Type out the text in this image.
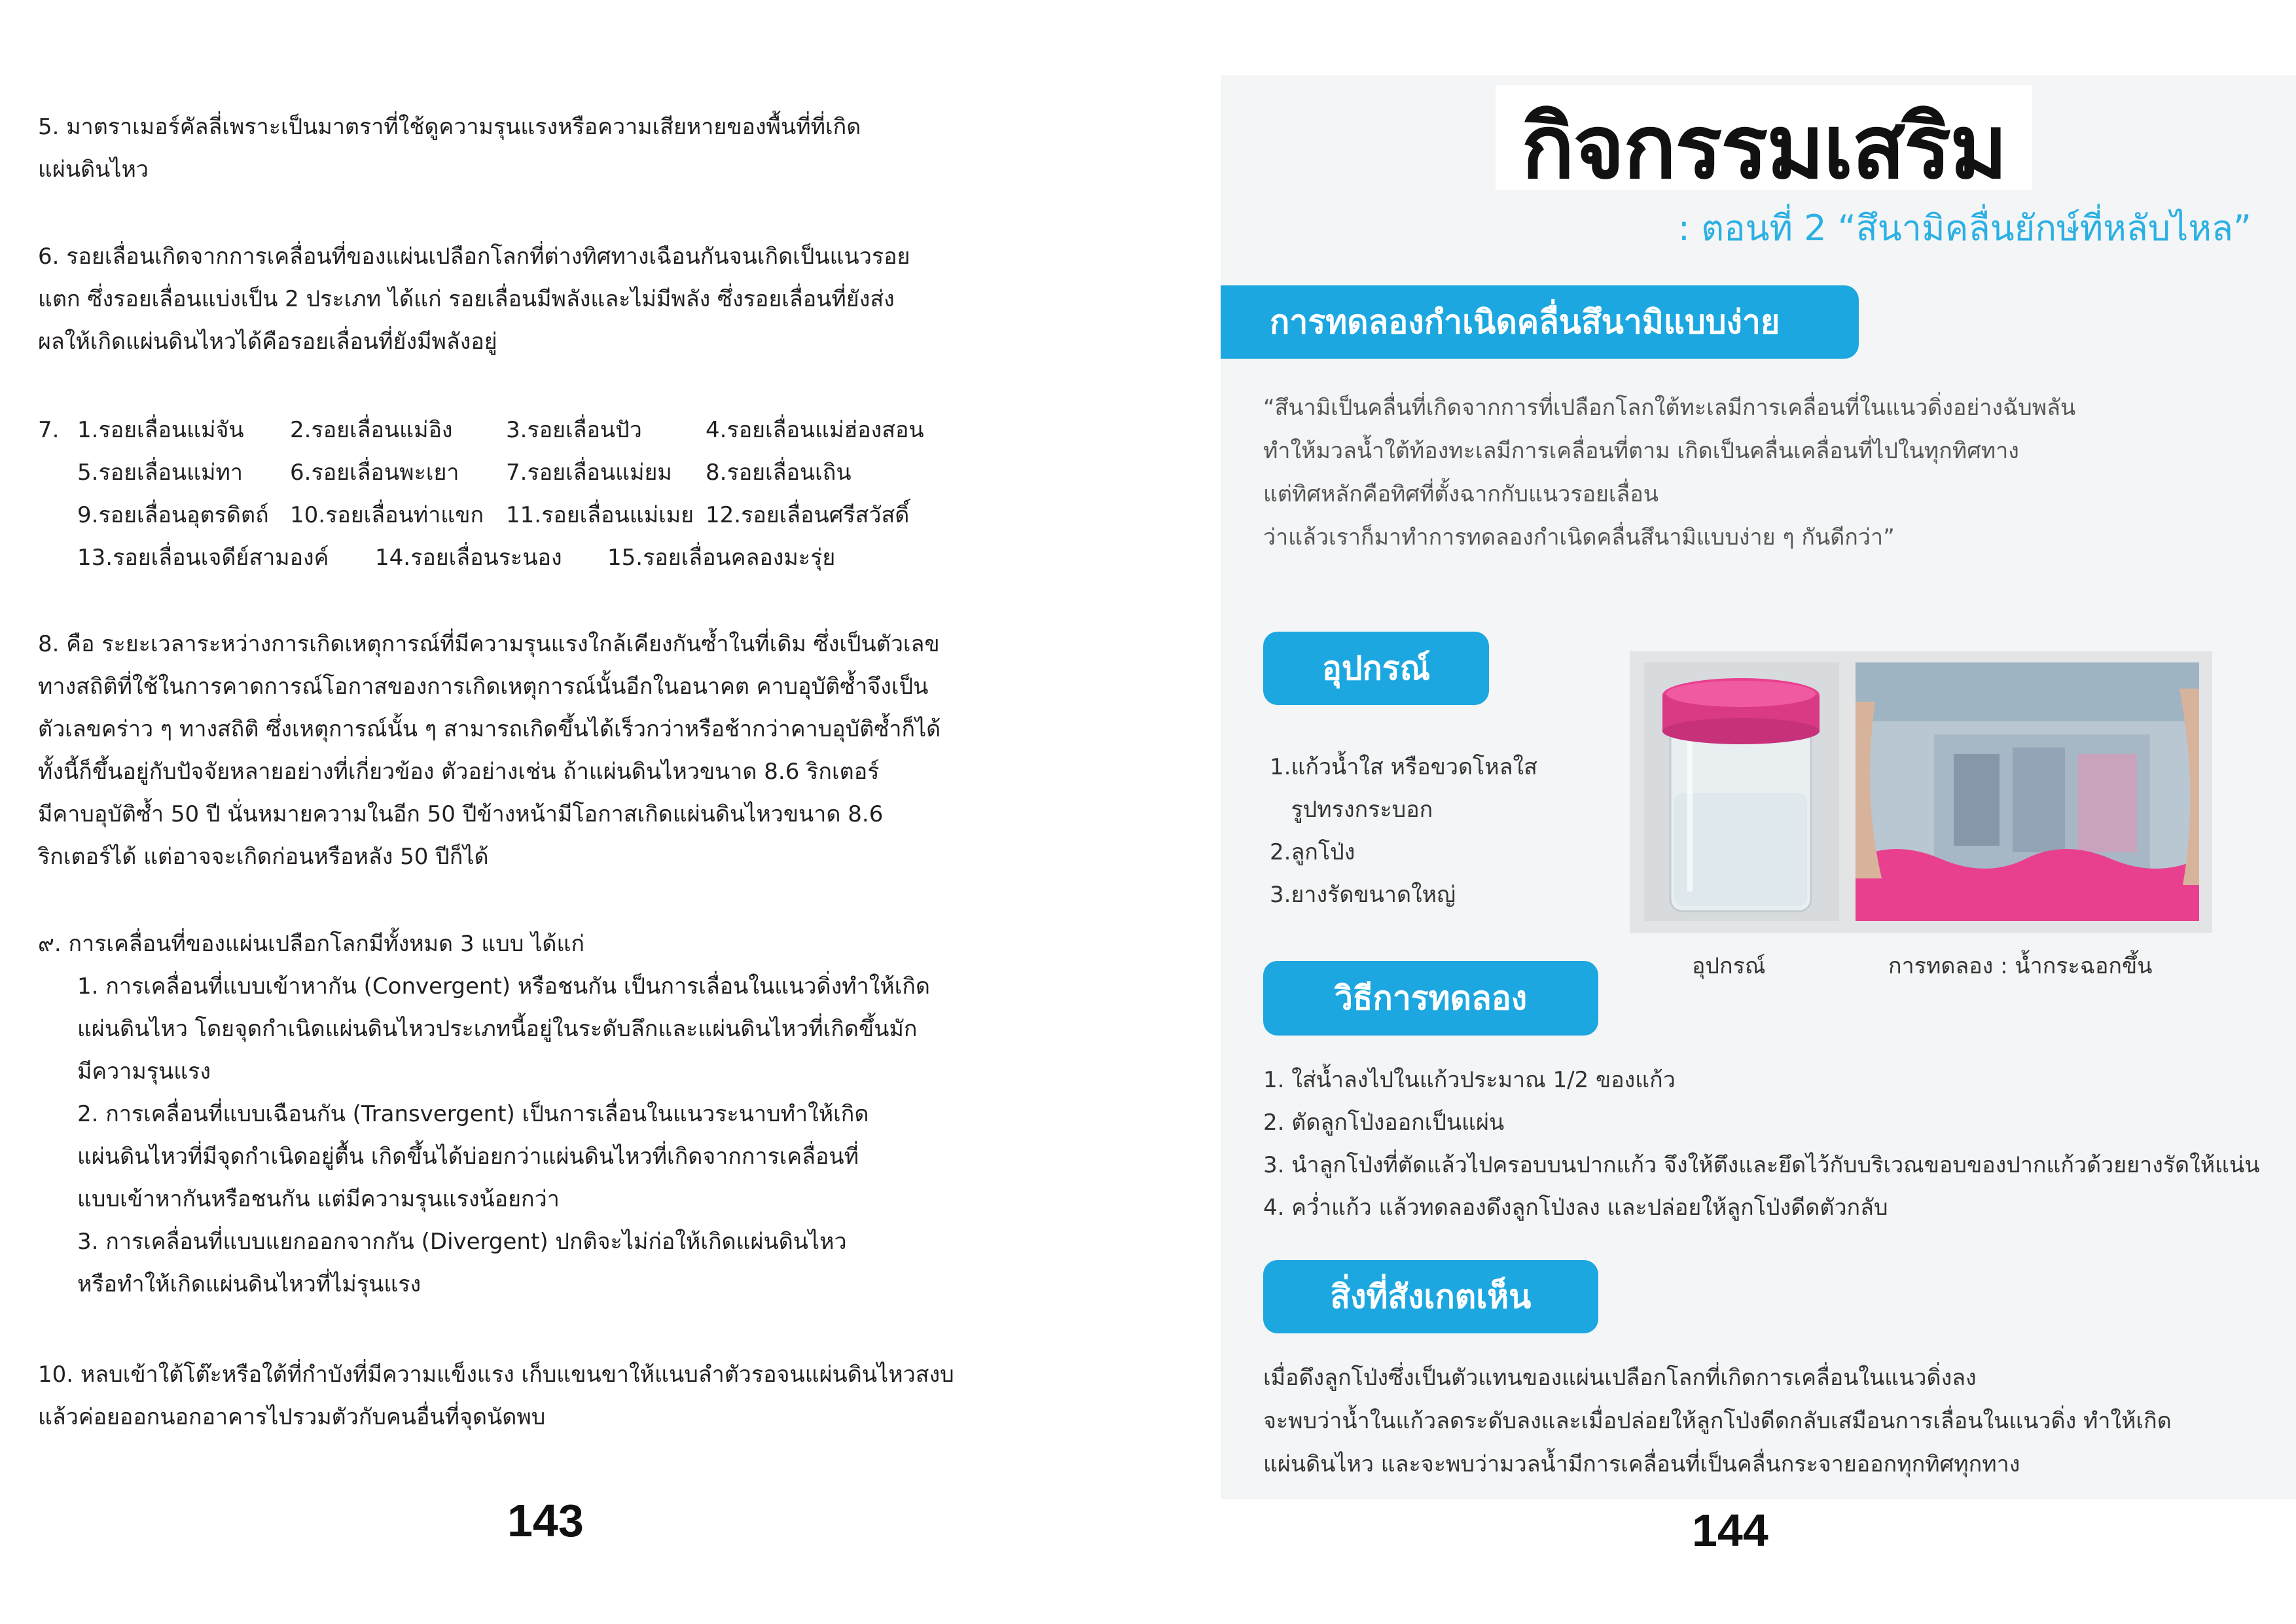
5. มาตราเมอร์คัลลี่เพราะเป็นมาตราที่ใช้ดูความรุนแรงหรือความเสียหายของพื้นที่ที่เกิด

แผ่นดินไหว

6. รอยเลื่อนเกิดจากการเคลื่อนที่ของแผ่นเปลือกโลกที่ต่างทิศทางเฉือนกันจนเกิดเป็นแนวรอย

แตก ซึ่งรอยเลื่อนแบ่งเป็น 2 ประเภท ได้แก่ รอยเลื่อนมีพลังและไม่มีพลัง ซึ่งรอยเลื่อนที่ยังส่ง

ผลให้เกิดแผ่นดินไหวได้คือรอยเลื่อนที่ยังมีพลังอยู่

7. 1.รอยเลื่อนแม่จัน	2.รอยเลื่อนแม่อิง	3.รอยเลื่อนปัว	4.รอยเลื่อนแม่ฮ่องสอน
5.รอยเลื่อนแม่ทา	6.รอยเลื่อนพะเยา	7.รอยเลื่อนแม่ยม	8.รอยเลื่อนเถิน
9.รอยเลื่อนอุตรดิตถ์ 10.รอยเลื่อนท่าแขก 11.รอยเลื่อนแม่เมย 12.รอยเลื่อนศรีสวัสดิ์
13.รอยเลื่อนเจดีย์สามองค์	14.รอยเลื่อนระนอง	15.รอยเลื่อนคลองมะรุ่ย

8. คือ ระยะเวลาระหว่างการเกิดเหตุการณ์ที่มีความรุนแรงใกล้เคียงกันซ้ำในที่เดิม ซึ่งเป็นตัวเลข

ทางสถิติที่ใช้ในการคาดการณ์โอกาสของการเกิดเหตุการณ์นั้นอีกในอนาคต คาบอุบัติซ้ำจึงเป็น

ตัวเลขคร่าว ๆ ทางสถิติ ซึ่งเหตุการณ์นั้น ๆ สามารถเกิดขึ้นได้เร็วกว่าหรือช้ากว่าคาบอุบัติซ้ำก็ได้

ทั้งนี้ก็ขึ้นอยู่กับปัจจัยหลายอย่างที่เกี่ยวข้อง ตัวอย่างเช่น ถ้าแผ่นดินไหวขนาด 8.6 ริกเตอร์

มีคาบอุบัติซ้ำ 50 ปี นั่นหมายความในอีก 50 ปีข้างหน้ามีโอกาสเกิดแผ่นดินไหวขนาด 8.6

ริกเตอร์ได้ แต่อาจจะเกิดก่อนหรือหลัง 50 ปีก็ได้

๙. การเคลื่อนที่ของแผ่นเปลือกโลกมีทั้งหมด 3 แบบ ได้แก่

1. การเคลื่อนที่แบบเข้าหากัน (Convergent) หรือชนกัน เป็นการเลื่อนในแนวดิ่งทำให้เกิด

แผ่นดินไหว โดยจุดกำเนิดแผ่นดินไหวประเภทนี้อยู่ในระดับลึกและแผ่นดินไหวที่เกิดขึ้นมัก

มีความรุนแรง

2. การเคลื่อนที่แบบเฉือนกัน (Transvergent) เป็นการเลื่อนในแนวระนาบทำให้เกิด

แผ่นดินไหวที่มีจุดกำเนิดอยู่ตื้น เกิดขึ้นได้บ่อยกว่าแผ่นดินไหวที่เกิดจากการเคลื่อนที่

แบบเข้าหากันหรือชนกัน แต่มีความรุนแรงน้อยกว่า

3. การเคลื่อนที่แบบแยกออกจากกัน (Divergent) ปกติจะไม่ก่อให้เกิดแผ่นดินไหว

หรือทำให้เกิดแผ่นดินไหวที่ไม่รุนแรง

10. หลบเข้าใต้โต๊ะหรือใต้ที่กำบังที่มีความแข็งแรง เก็บแขนขาให้แนบลำตัวรอจนแผ่นดินไหวสงบ

แล้วค่อยออกนอกอาคารไปรวมตัวกับคนอื่นที่จุดนัดพบ

143
กิจกรรมเสริม
: ตอนที่ 2 “สึนามิคลื่นยักษ์ที่หลับไหล”
การทดลองกำเนิดคลื่นสึนามิแบบง่าย

“สึนามิเป็นคลื่นที่เกิดจากการที่เปลือกโลกใต้ทะเลมีการเคลื่อนที่ในแนวดิ่งอย่างฉับพลัน

ทำให้มวลน้ำใต้ท้องทะเลมีการเคลื่อนที่ตาม เกิดเป็นคลื่นเคลื่อนที่ไปในทุกทิศทาง

แต่ทิศหลักคือทิศที่ตั้งฉากกับแนวรอยเลื่อน

ว่าแล้วเราก็มาทำการทดลองกำเนิดคลื่นสึนามิแบบง่าย ๆ กันดีกว่า”

อุปกรณ์

1.แก้วน้ำใส หรือขวดโหลใส

รูปทรงกระบอก

2.ลูกโป่ง

3.ยางรัดขนาดใหญ่

อุปกรณ์	การทดลอง : น้ำกระฉอกขึ้น
วิธีการทดลอง

1. ใส่น้ำลงไปในแก้วประมาณ 1/2 ของแก้ว

2. ตัดลูกโป่งออกเป็นแผ่น

3. นำลูกโป่งที่ตัดแล้วไปครอบบนปากแก้ว จึงให้ตึงและยึดไว้กับบริเวณขอบของปากแก้วด้วยยางรัดให้แน่น

4. คว่ำแก้ว แล้วทดลองดึงลูกโป่งลง และปล่อยให้ลูกโป่งดีดตัวกลับ

สิ่งที่สังเกตเห็น

เมื่อดึงลูกโป่งซึ่งเป็นตัวแทนของแผ่นเปลือกโลกที่เกิดการเคลื่อนในแนวดิ่งลง

จะพบว่าน้ำในแก้วลดระดับลงและเมื่อปล่อยให้ลูกโป่งดีดกลับเสมือนการเลื่อนในแนวดิ่ง ทำให้เกิด

แผ่นดินไหว และจะพบว่ามวลน้ำมีการเคลื่อนที่เป็นคลื่นกระจายออกทุกทิศทุกทาง

144
